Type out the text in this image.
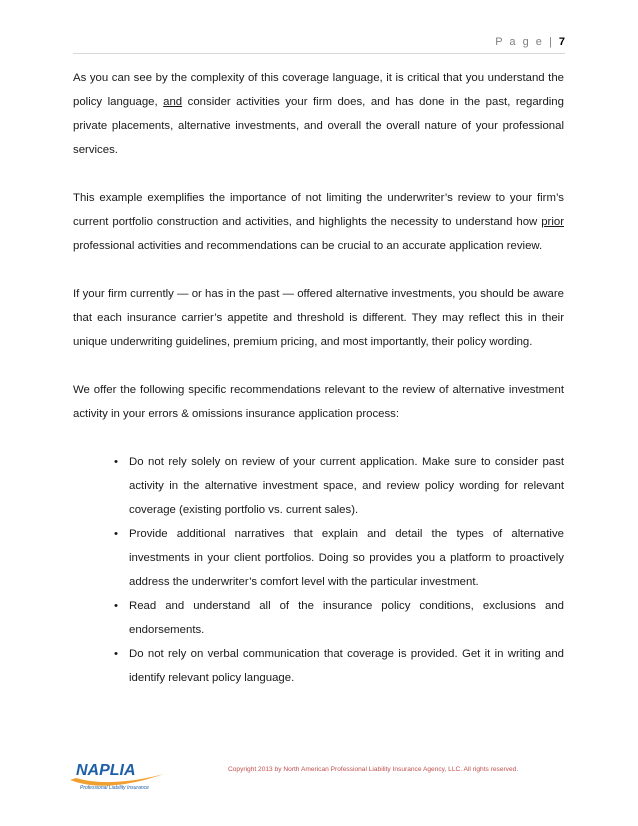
P a g e | 7

As you can see by the complexity of this coverage language, it is critical that you understand the policy language, and consider activities your firm does, and has done in the past, regarding private placements, alternative investments, and overall the overall nature of your professional services.

This example exemplifies the importance of not limiting the underwriter’s review to your firm’s current portfolio construction and activities, and highlights the necessity to understand how prior professional activities and recommendations can be crucial to an accurate application review.

If your firm currently — or has in the past — offered alternative investments, you should be aware that each insurance carrier’s appetite and threshold is different. They may reflect this in their unique underwriting guidelines, premium pricing, and most importantly, their policy wording.

We offer the following specific recommendations relevant to the review of alternative investment activity in your errors & omissions insurance application process:

• Do not rely solely on review of your current application. Make sure to consider past activity in the alternative investment space, and review policy wording for relevant coverage (existing portfolio vs. current sales).
• Provide additional narratives that explain and detail the types of alternative investments in your client portfolios. Doing so provides you a platform to proactively address the underwriter’s comfort level with the particular investment.
• Read and understand all of the insurance policy conditions, exclusions and endorsements.
• Do not rely on verbal communication that coverage is provided. Get it in writing and identify relevant policy language.
NAPLIA
Professional Liability Insurance
Copyright 2013 by North American Professional Liability Insurance Agency, LLC. All rights reserved.
